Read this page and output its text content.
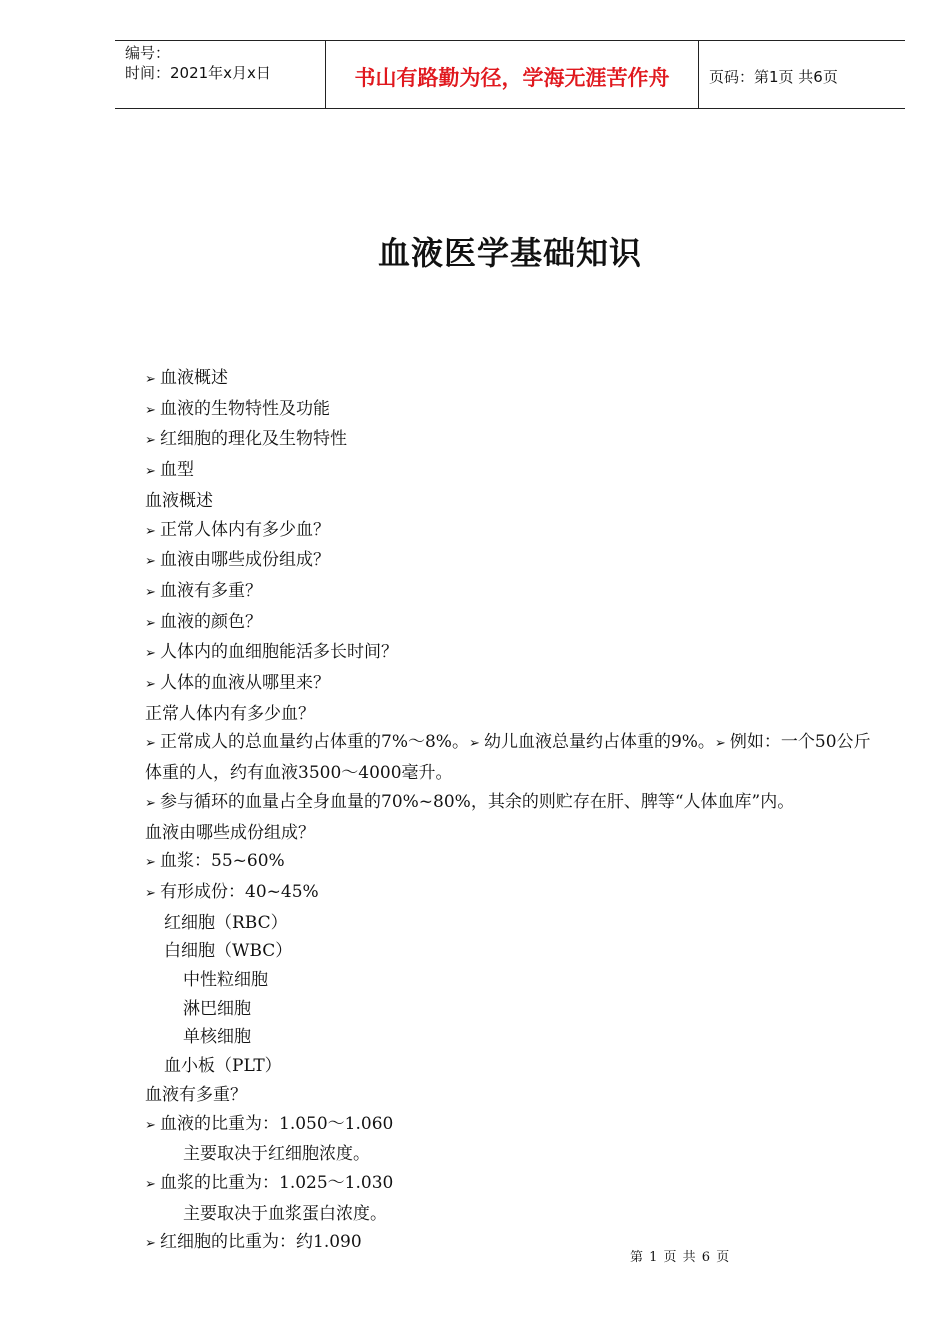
编号：
时间：2021年x月x日	书山有路勤为径，学海无涯苦作舟	页码：第1页 共6页
血液医学基础知识
➢ 血液概述
➢ 血液的生物特性及功能
➢ 红细胞的理化及生物特性
➢ 血型
血液概述
➢ 正常人体内有多少血？
➢ 血液由哪些成份组成？
➢ 血液有多重？
➢ 血液的颜色？
➢ 人体内的血细胞能活多长时间？
➢ 人体的血液从哪里来？
正常人体内有多少血？
➢ 正常成人的总血量约占体重的7%～8%。➢ 幼儿血液总量约占体重的9%。➢ 例如：一个50公斤体重的人，约有血液3500～4000毫升。
➢ 参与循环的血量占全身血量的70%~80%，其余的则贮存在肝、脾等“人体血库”内。
血液由哪些成份组成？
➢ 血浆：55~60%
➢ 有形成份：40~45%
红细胞（RBC）
白细胞（WBC）
中性粒细胞
淋巴细胞
单核细胞
血小板（PLT）
血液有多重？
➢ 血液的比重为：1.050～1.060
主要取决于红细胞浓度。
➢ 血浆的比重为：1.025～1.030
主要取决于血浆蛋白浓度。
➢ 红细胞的比重为：约1.090
第 1 页 共 6 页
